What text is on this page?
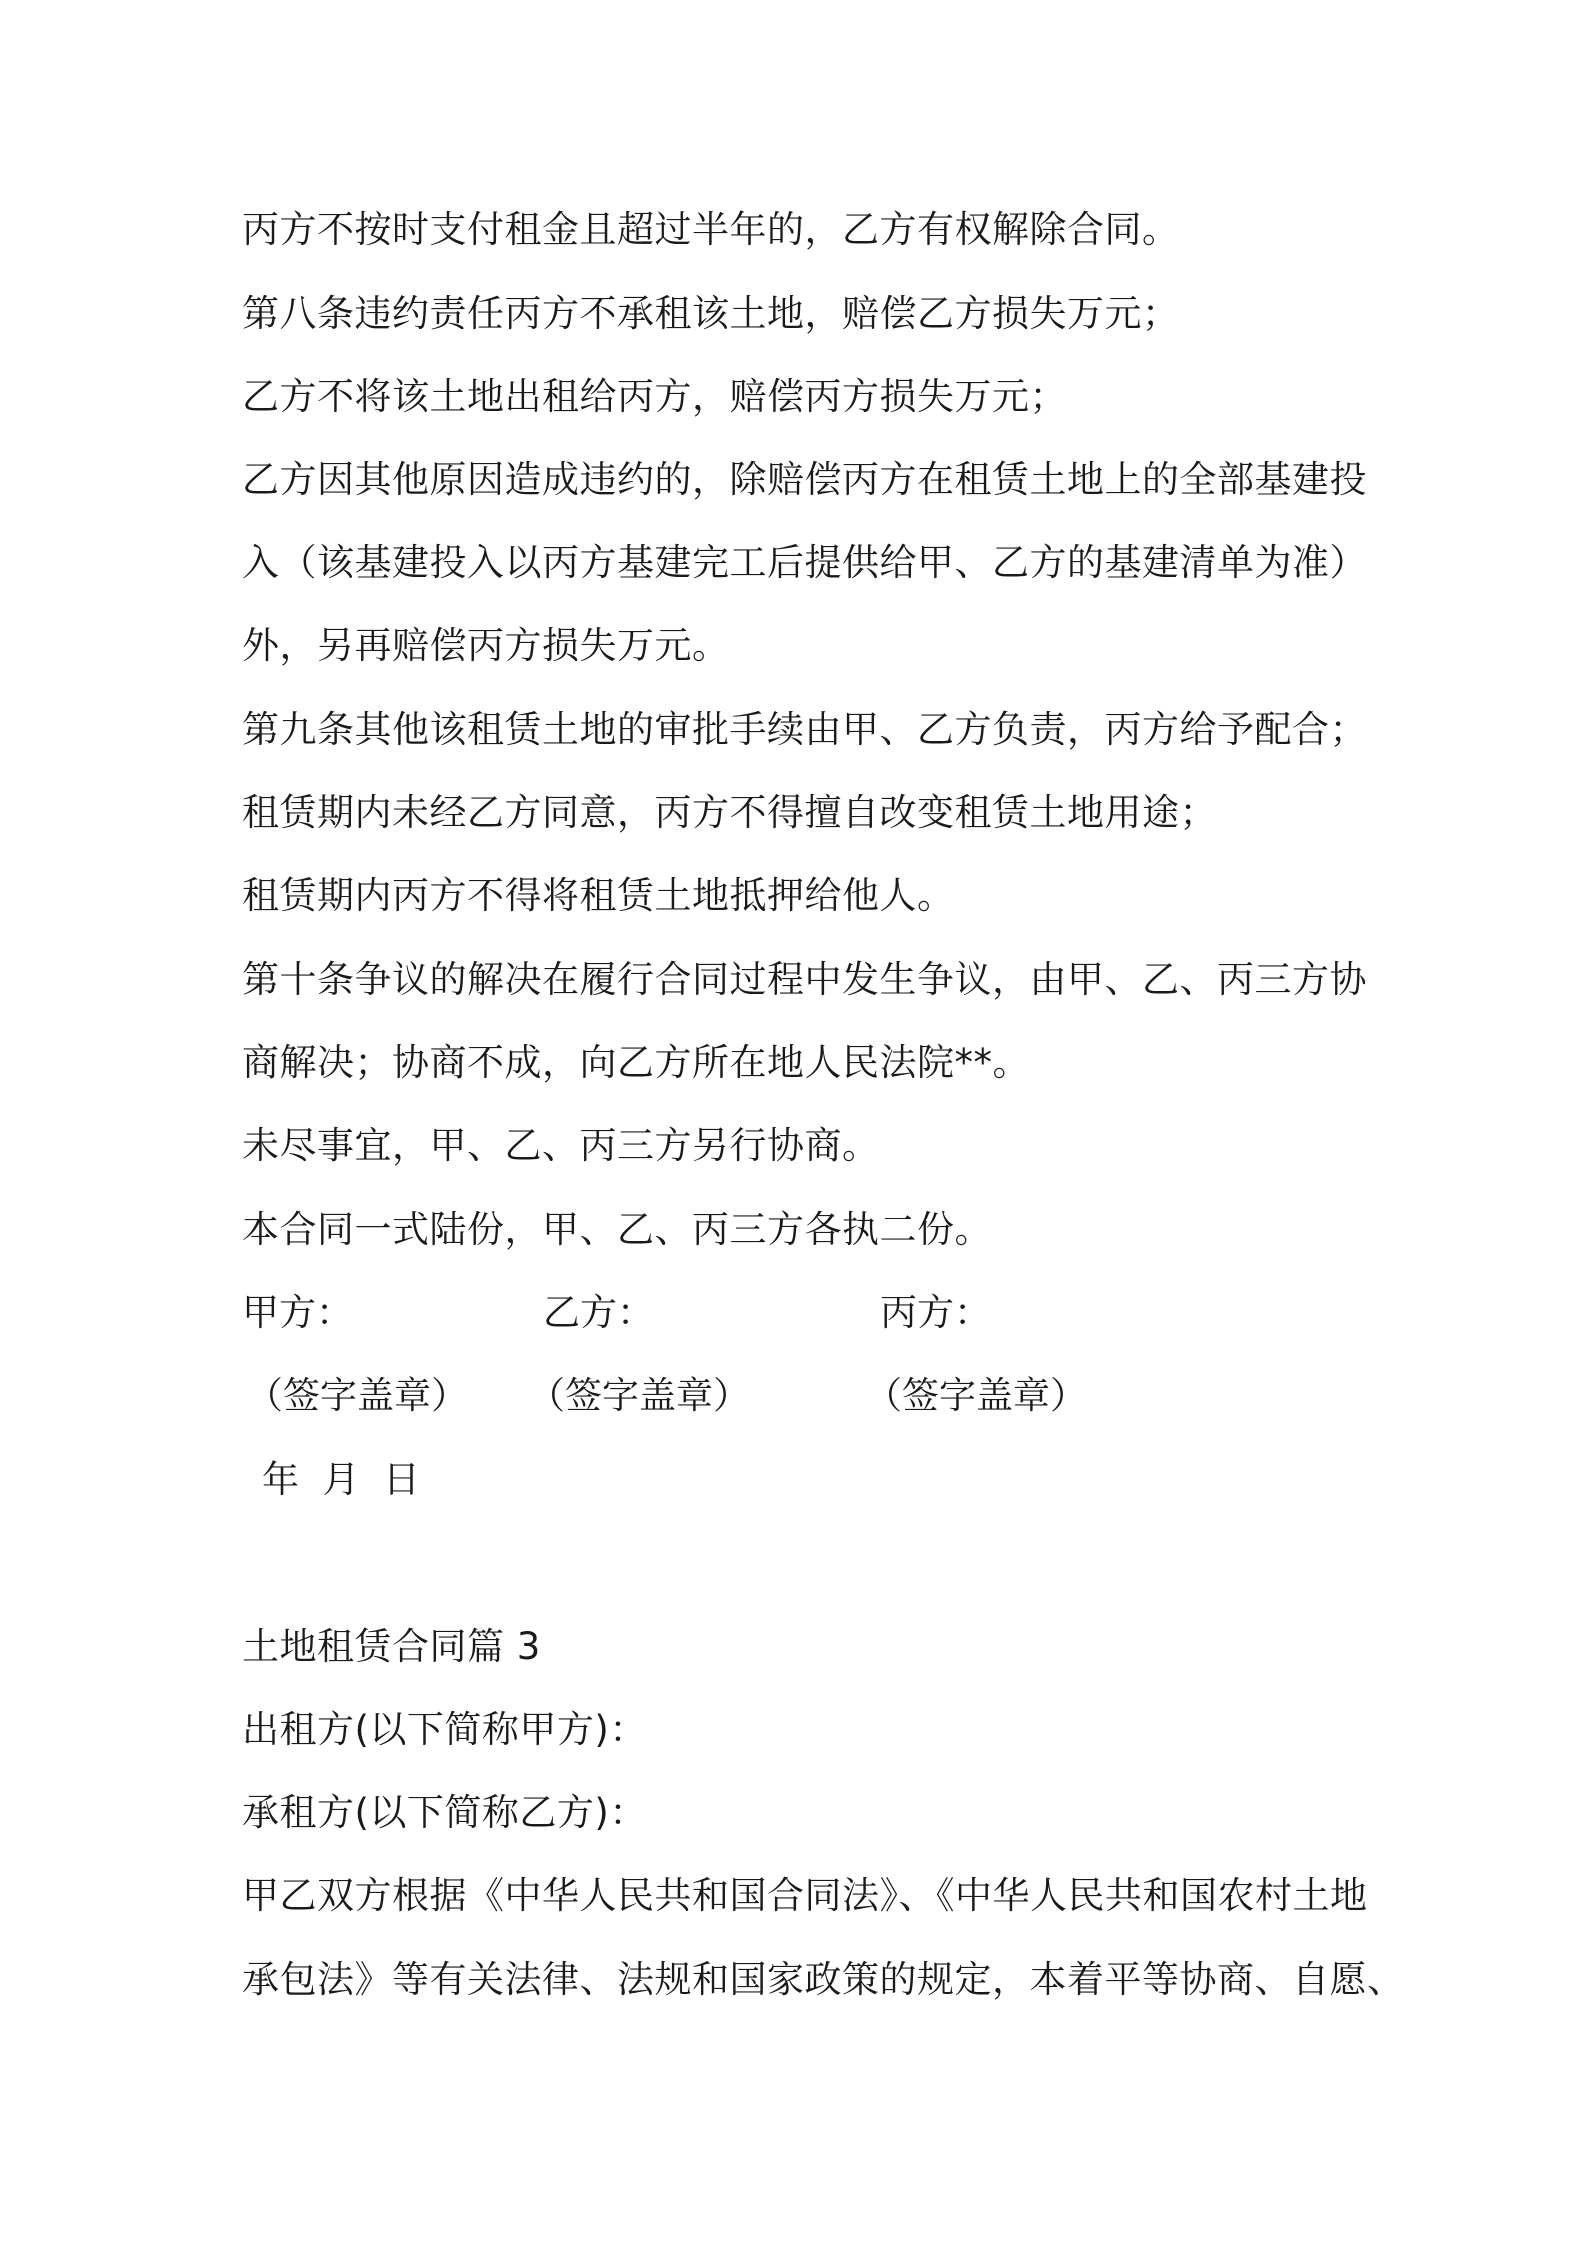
丙方不按时支付租金且超过半年的，乙方有权解除合同。
第八条违约责任丙方不承租该土地，赔偿乙方损失万元；
乙方不将该土地出租给丙方，赔偿丙方损失万元；
乙方因其他原因造成违约的，除赔偿丙方在租赁土地上的全部基建投
入（该基建投入以丙方基建完工后提供给甲、乙方的基建清单为准）
外，另再赔偿丙方损失万元。
第九条其他该租赁土地的审批手续由甲、乙方负责，丙方给予配合；
租赁期内未经乙方同意，丙方不得擅自改变租赁土地用途；
租赁期内丙方不得将租赁土地抵押给他人。
第十条争议的解决在履行合同过程中发生争议，由甲、乙、丙三方协
商解决；协商不成，向乙方所在地人民法院**。
未尽事宜，甲、乙、丙三方另行协商。
本合同一式陆份，甲、乙、丙三方各执二份。
甲方：	乙方：	丙方：
（签字盖章） （签字盖章）	（签字盖章）
年  月  日
土地租赁合同篇 3
出租方(以下简称甲方)：
承租方(以下简称乙方)：
甲乙双方根据《中华人民共和国合同法》、《中华人民共和国农村土地
承包法》等有关法律、法规和国家政策的规定，本着平等协商、自愿、
